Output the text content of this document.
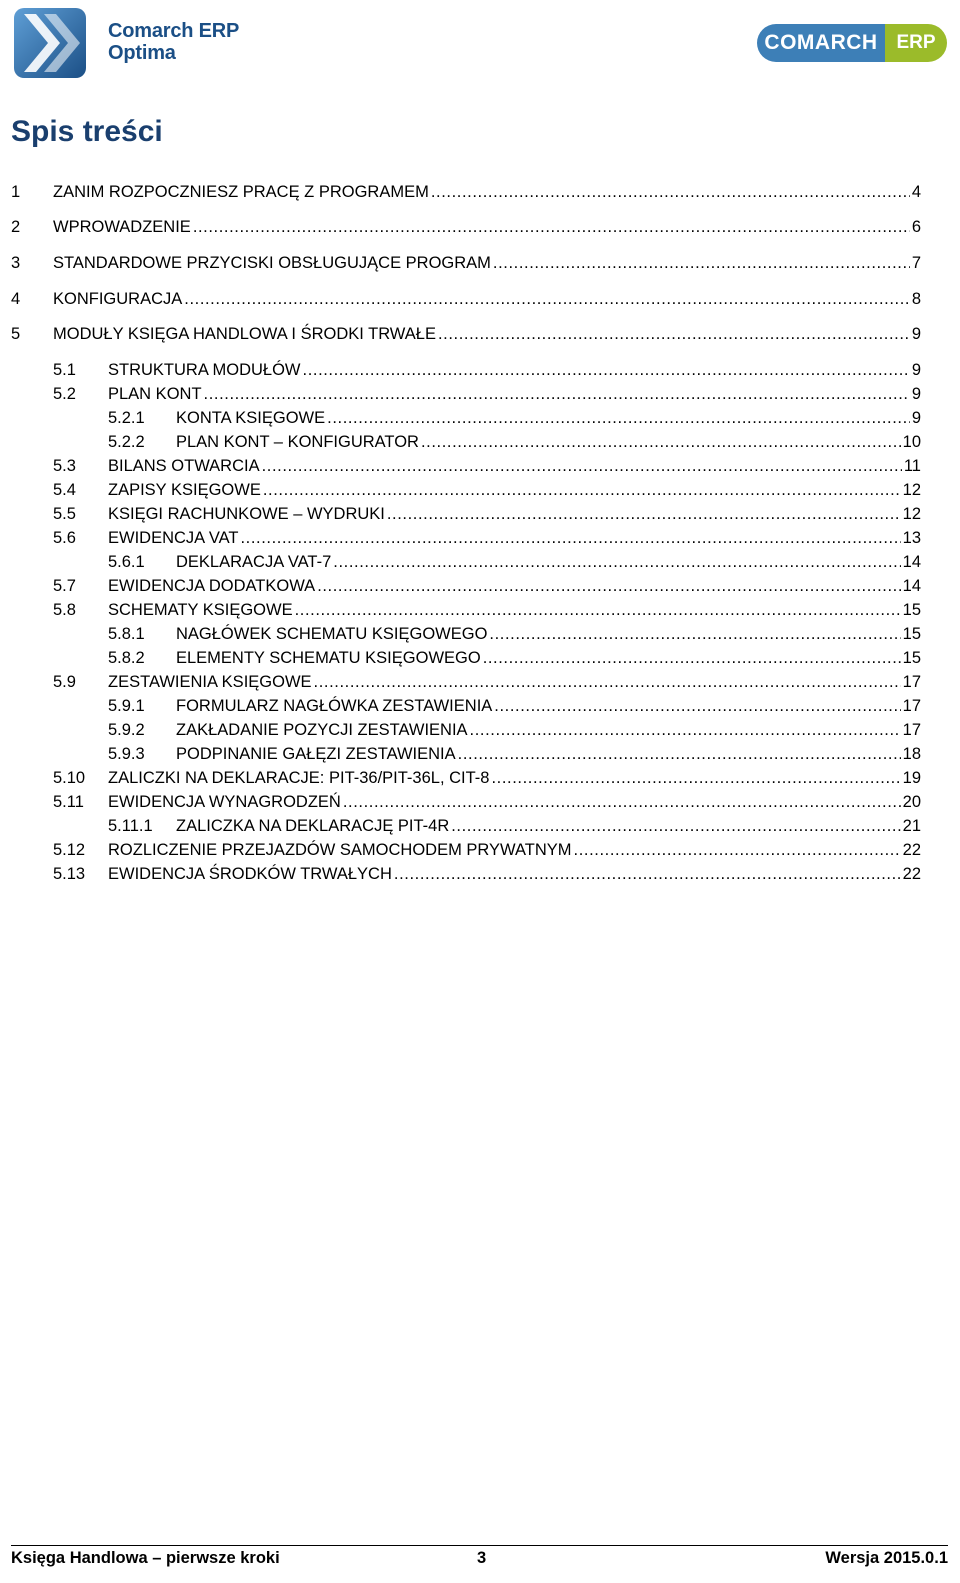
Comarch ERP
Optima	COMARCH ERP
Spis treści
1	ZANIM ROZPOCZNIESZ PRACĘ Z PROGRAMEM .....	4
2	WPROWADZENIE .....	6
3	STANDARDOWE PRZYCISKI OBSŁUGUJĄCE PROGRAM .....	7
4	KONFIGURACJA .....	8
5	MODUŁY KSIĘGA HANDLOWA I ŚRODKI TRWAŁE .....	9
5.1	STRUKTURA MODUŁÓW .....	9
5.2	PLAN KONT .....	9
5.2.1	KONTA KSIĘGOWE .....	9
5.2.2	PLAN KONT – KONFIGURATOR .....	10
5.3	BILANS OTWARCIA .....	11
5.4	ZAPISY KSIĘGOWE .....	12
5.5	KSIĘGI RACHUNKOWE – WYDRUKI .....	12
5.6	EWIDENCJA VAT .....	13
5.6.1	DEKLARACJA VAT-7 .....	14
5.7	EWIDENCJA DODATKOWA .....	14
5.8	SCHEMATY KSIĘGOWE .....	15
5.8.1	NAGŁÓWEK SCHEMATU KSIĘGOWEGO .....	15
5.8.2	ELEMENTY SCHEMATU KSIĘGOWEGO .....	15
5.9	ZESTAWIENIA KSIĘGOWE .....	17
5.9.1	FORMULARZ NAGŁÓWKA ZESTAWIENIA .....	17
5.9.2	ZAKŁADANIE POZYCJI ZESTAWIENIA .....	17
5.9.3	PODPINANIE GAŁĘZI ZESTAWIENIA .....	18
5.10	ZALICZKI NA DEKLARACJE: PIT-36/PIT-36L, CIT-8 .....	19
5.11	EWIDENCJA WYNAGRODZEŃ .....	20
5.11.1	ZALICZKA NA DEKLARACJĘ PIT-4R .....	21
5.12	ROZLICZENIE PRZEJAZDÓW SAMOCHODEM PRYWATNYM .....	22
5.13	EWIDENCJA ŚRODKÓW TRWAŁYCH .....	22
Księga Handlowa – pierwsze kroki	3	Wersja 2015.0.1
